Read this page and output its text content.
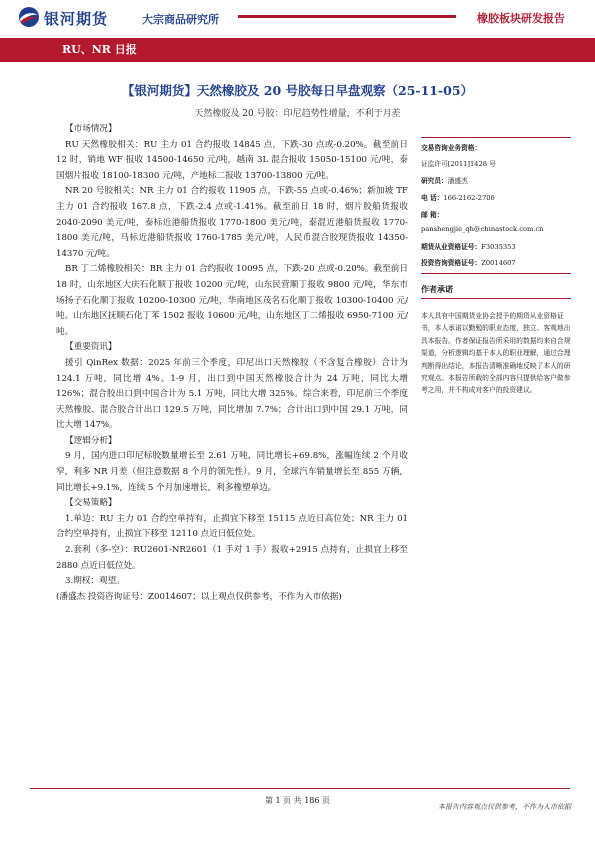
银河期货	大宗商品研究所	橡胶板块研发报告
RU、NR 日报
【银河期货】天然橡胶及 20 号胶每日早盘观察（25-11-05）
天然橡胶及 20 号胶：印尼趋势性增量，不利于月差

【市场情况】

RU 天然橡胶相关：RU 主力 01 合约报收 14845 点，下跌-30 点或-0.20%。截至前日 12 时，销地 WF 报收 14500-14650 元/吨，越南 3L 混合报收 15050-15100 元/吨，泰国烟片报收 18100-18300 元/吨，产地标二报收 13700-13800 元/吨。

NR 20 号胶相关：NR 主力 01 合约报收 11905 点，下跌-55 点或-0.46%；新加坡 TF 主力 01 合约报收 167.8 点，下跌-2.4 点或-1.41%。截至前日 18 时，烟片胶船货报收 2040-2090 美元/吨，泰标近港船货报收 1770-1800 美元/吨，泰混近港船货报收 1770-1800 美元/吨，马标近港船货报收 1760-1785 美元/吨，人民币混合胶现货报收 14350-14370 元/吨。

BR 丁二烯橡胶相关：BR 主力 01 合约报收 10095 点，下跌-20 点或-0.20%。截至前日 18 时，山东地区大庆石化顺丁报收 10200 元/吨，山东民营顺丁报收 9800 元/吨，华东市场扬子石化顺丁报收 10200-10300 元/吨，华南地区茂名石化顺丁报收 10300-10400 元/吨。山东地区抚顺石化丁苯 1502 报收 10600 元/吨，山东地区丁二烯报收 6950-7100 元/吨。

【重要资讯】

援引 QinRex 数据：2025 年前三个季度，印尼出口天然橡胶（不含复合橡胶）合计为 124.1 万吨，同比增 4%。1-9 月，出口到中国天然橡胶合计为 24 万吨，同比大增 126%；混合胶出口到中国合计为 5.1 万吨，同比大增 325%。综合来看，印尼前三个季度天然橡胶、混合胶合计出口 129.5 万吨，同比增加 7.7%；合计出口到中国 29.1 万吨，同比大增 147%。

【逻辑分析】

9 月，国内进口印尼标胶数量增长至 2.61 万吨，同比增长+69.8%，涨幅连续 2 个月收窄，利多 NR 月差（但注意数据 8 个月的领先性）。9 月，全球汽车销量增长至 855 万辆，同比增长+9.1%，连续 5 个月加速增长，利多橡塑单边。

【交易策略】

1.单边：RU 主力 01 合约空单持有，止损宜下移至 15115 点近日高位处；NR 主力 01 合约空单持有，止损宜下移至 12110 点近日低位处。

2.套利（多-空）：RU2601-NR2601（1 手对 1 手）报收+2915 点持有，止损宜上移至 2880 点近日低位处。

3.期权：观望。

(潘盛杰 投资咨询证号：Z0014607；以上观点仅供参考，不作为入市依据)

交易咨询业务资格：
证监许可[2011]1428 号
研究员：潘盛杰
电 话：166-2162-2706
邮 箱：
panshengjie_qh@chinastock.com.cn
期货从业资格证号：F3035353
投资咨询资格证号：Z0014607
作者承诺

本人具有中国期货业协会授予的期货从业资格证书，本人承诺以勤勉的职业态度，独立、客观地出具本报告。作者保证报告所采用的数据均来自合规渠道，分析逻辑均基于本人的职业理解，通过合理判断得出结论，本报告清晰准确地反映了本人的研究观点。本报告所载的全部内容只提供给客户做参考之用，并不构成对客户的投资建议。

第 1 页 共 186 页
本报告内容观点仅供参考，不作为入市依据
